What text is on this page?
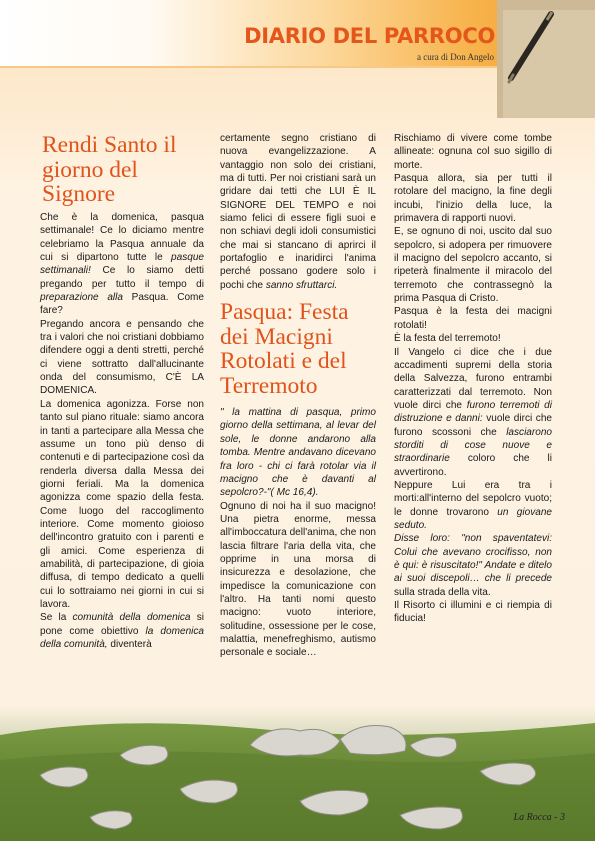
DIARIO DEL PARROCO
a cura di Don Angelo
Rendi Santo il giorno del Signore

Che è la domenica, pasqua settimanale! Ce lo diciamo mentre celebriamo la Pasqua annuale da cui si dipartono tutte le pasque settimanali! Ce lo siamo detti pregando per tutto il tempo di preparazione alla Pasqua. Come fare?

Pregando ancora e pensando che tra i valori che noi cristiani dobbiamo difendere oggi a denti stretti, perché ci viene sottratto dall'allucinante onda del consumismo, C'È LA DOMENICA.

La domenica agonizza. Forse non tanto sul piano rituale: siamo ancora in tanti a partecipare alla Messa che assume un tono più denso di contenuti e di partecipazione così da renderla diversa dalla Messa dei giorni feriali. Ma la domenica agonizza come spazio della festa. Come luogo del raccoglimento interiore. Come momento gioioso dell'incontro gratuito con i parenti e gli amici. Come esperienza di amabilità, di partecipazione, di gioia diffusa, di tempo dedicato a quelli cui lo sottraiamo nei giorni in cui si lavora.

Se la comunità della domenica si pone come obiettivo la domenica della comunità, diventerà

certamente segno cristiano di nuova evangelizzazione. A vantaggio non solo dei cristiani, ma di tutti. Per noi cristiani sarà un gridare dai tetti che LUI È IL SIGNORE DEL TEMPO e noi siamo felici di essere figli suoi e non schiavi degli idoli consumistici che mai si stancano di aprirci il portafoglio e inaridirci l'anima perché possano godere solo i pochi che sanno sfruttarci.

Pasqua: Festa dei Macigni Rotolati e del Terremoto

" la mattina di pasqua, primo giorno della settimana, al levar del sole, le donne andarono alla tomba. Mentre andavano dicevano fra loro - chi ci farà rotolar via il macigno che è davanti al sepolcro?-"( Mc 16,4).

Ognuno di noi ha il suo macigno! Una pietra enorme, messa all'imboccatura dell'anima, che non lascia filtrare l'aria della vita, che opprime in una morsa di insicurezza e desolazione, che impedisce la comunicazione con l'altro. Ha tanti nomi questo macigno: vuoto interiore, solitudine, ossessione per le cose, malattia, menefreghismo, autismo personale e sociale…

Rischiamo di vivere come tombe allineate: ognuna col suo sigillo di morte.

Pasqua allora, sia per tutti il rotolare del macigno, la fine degli incubi, l'inizio della luce, la primavera di rapporti nuovi.

E, se ognuno di noi, uscito dal suo sepolcro, si adopera per rimuovere il macigno del sepolcro accanto, si ripeterà finalmente il miracolo del terremoto che contrassegnò la prima Pasqua di Cristo.

Pasqua è la festa dei macigni rotolati!

È la festa del terremoto!

Il Vangelo ci dice che i due accadimenti supremi della storia della Salvezza, furono entrambi caratterizzati dal terremoto. Non vuole dirci che furono terremoti di distruzione e danni: vuole dirci che furono scossoni che lasciarono storditi di cose nuove e straordinarie coloro che li avvertirono.

Neppure Lui era tra i morti:all'interno del sepolcro vuoto; le donne trovarono un giovane seduto.

Disse loro: "non spaventatevi: Colui che avevano crocifisso, non è qui: è risuscitato!" Andate e ditelo ai suoi discepoli… che li precede sulla strada della vita.

Il Risorto ci illumini e ci riempia di fiducia!

La Rocca - 3
